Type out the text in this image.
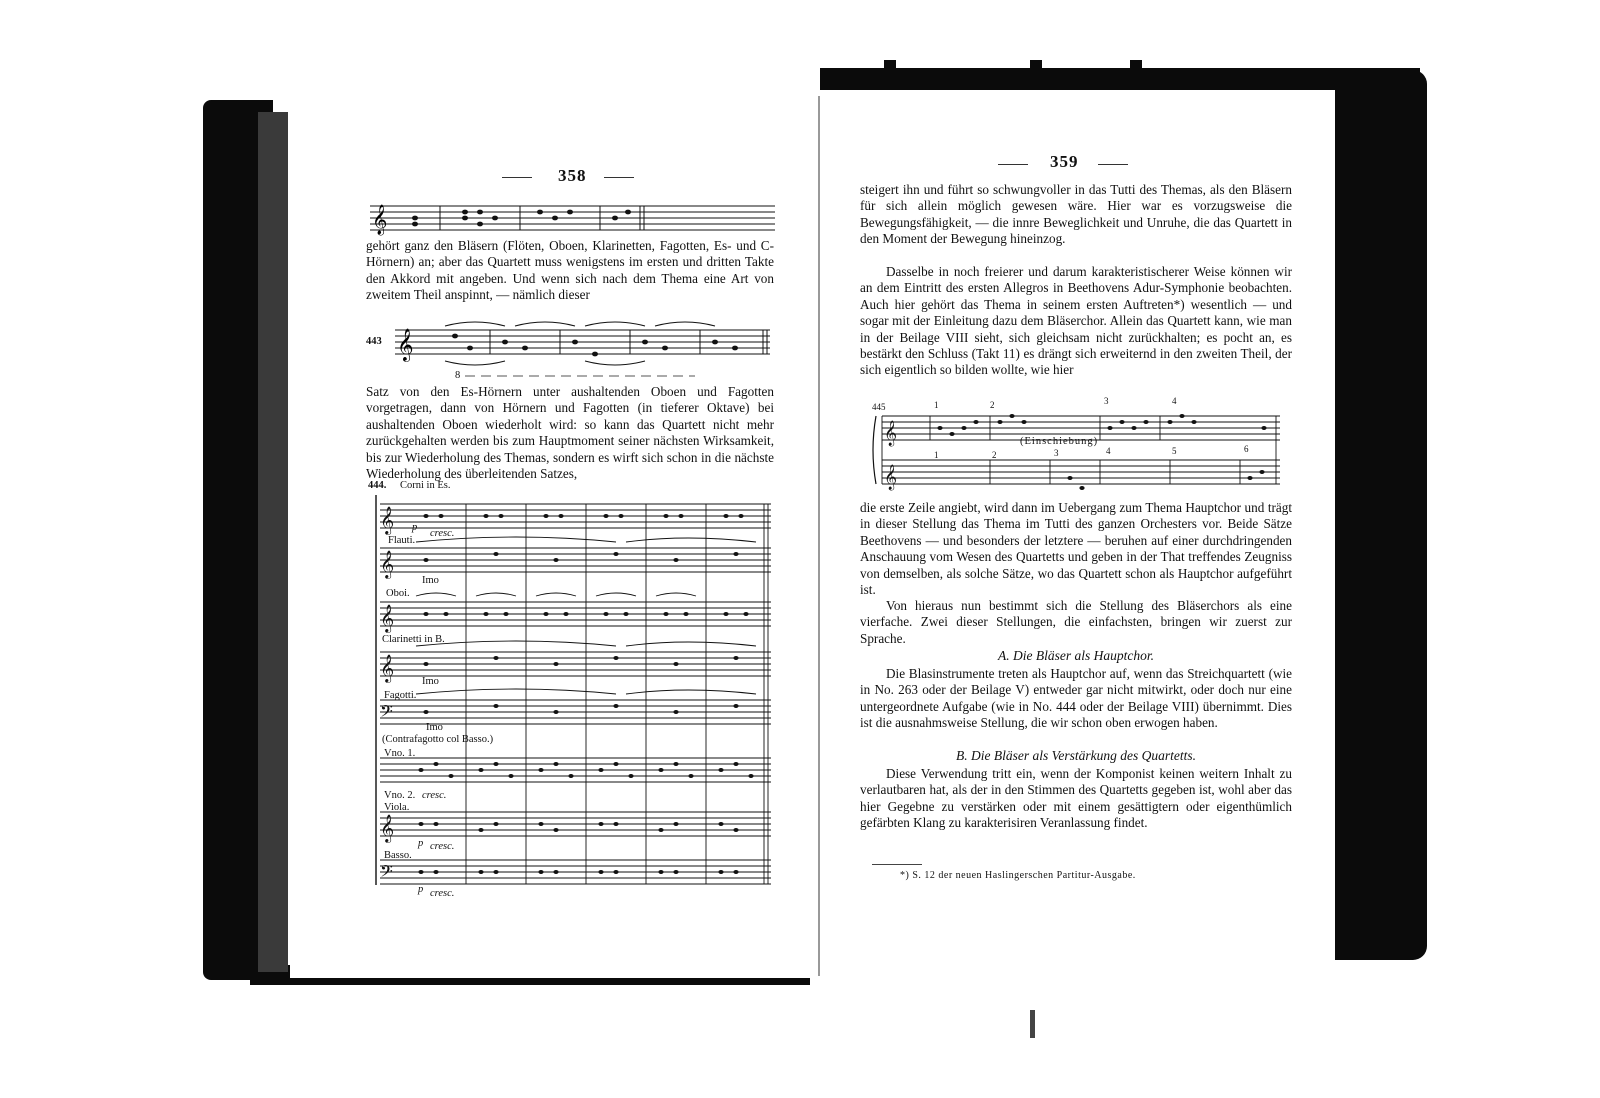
358
𝄞

gehört ganz den Bläsern (Flöten, Oboen, Klarinetten, Fagotten, Es- und C-Hörnern) an; aber das Quartett muss wenigstens im ersten und dritten Takte den Akkord mit angeben. Und wenn sich nach dem Thema eine Art von zweitem Theil anspinnt, — nämlich dieser

443 𝄞
8

Satz von den Es-Hörnern unter aushaltenden Oboen und Fagotten vorgetragen, dann von Hörnern und Fagotten (in tieferer Oktave) bei aushaltenden Oboen wiederholt wird: so kann das Quartett nicht mehr zurückgehalten werden bis zum Hauptmoment seiner nächsten Wirksamkeit, bis zur Wiederholung des Themas, sondern es wirft sich schon in die nächste Wiederholung des überleitenden Satzes,

444. Corni in Es.
𝄞
𝄞
𝄞
𝄞
𝄞
𝄢
𝄢
p
cresc.
Flauti.
Imo
Oboi.
Clarinetti in B.
Imo
Fagotti.
Imo
(Contrafagotto col Basso.)
Vno. 1.
Vno. 2. cresc.
Viola.
p cresc.
Basso.
p cresc.
359

steigert ihn und führt so schwungvoller in das Tutti des Themas, als den Bläsern für sich allein möglich gewesen wäre. Hier war es vorzugsweise die Bewegungsfähigkeit, — die innre Beweglichkeit und Unruhe, die das Quartett in den Moment der Bewegung hineinzog.

Dasselbe in noch freierer und darum karakteristischerer Weise können wir an dem Eintritt des ersten Allegros in Beethovens Adur-Symphonie beobachten. Auch hier gehört das Thema in seinem ersten Auftreten*) wesentlich — und sogar mit der Einleitung dazu dem Bläserchor. Allein das Quartett kann, wie man in der Beilage VIII sieht, sich gleichsam nicht zurückhalten; es pocht an, es bestärkt den Schluss (Takt 11) es drängt sich erweiternd in den zweiten Theil, der sich eigentlich so bilden wollte, wie hier

445
𝄞
𝄞
1	2	3	4
(Einschiebung)
1	2	3	4	5	6

die erste Zeile angiebt, wird dann im Uebergang zum Thema Hauptchor und trägt in dieser Stellung das Thema im Tutti des ganzen Orchesters vor. Beide Sätze Beethovens — und besonders der letztere — beruhen auf einer durchdringenden Anschauung vom Wesen des Quartetts und geben in der That treffendes Zeugniss von demselben, als solche Sätze, wo das Quartett schon als Hauptchor aufgeführt ist.

Von hieraus nun bestimmt sich die Stellung des Bläserchors als eine vierfache. Zwei dieser Stellungen, die einfachsten, bringen wir zuerst zur Sprache.

A. Die Bläser als Hauptchor.

Die Blasinstrumente treten als Hauptchor auf, wenn das Streichquartett (wie in No. 263 oder der Beilage V) entweder gar nicht mitwirkt, oder doch nur eine untergeordnete Aufgabe (wie in No. 444 oder der Beilage VIII) übernimmt. Dies ist die ausnahmsweise Stellung, die wir schon oben erwogen haben.

B. Die Bläser als Verstärkung des Quartetts.

Diese Verwendung tritt ein, wenn der Komponist keinen weitern Inhalt zu verlautbaren hat, als der in den Stimmen des Quartetts gegeben ist, wohl aber das hier Gegebne zu verstärken oder mit einem gesättigtern oder eigenthümlich gefärbten Klang zu karakterisiren Veranlassung findet.

*) S. 12 der neuen Haslingerschen Partitur-Ausgabe.
